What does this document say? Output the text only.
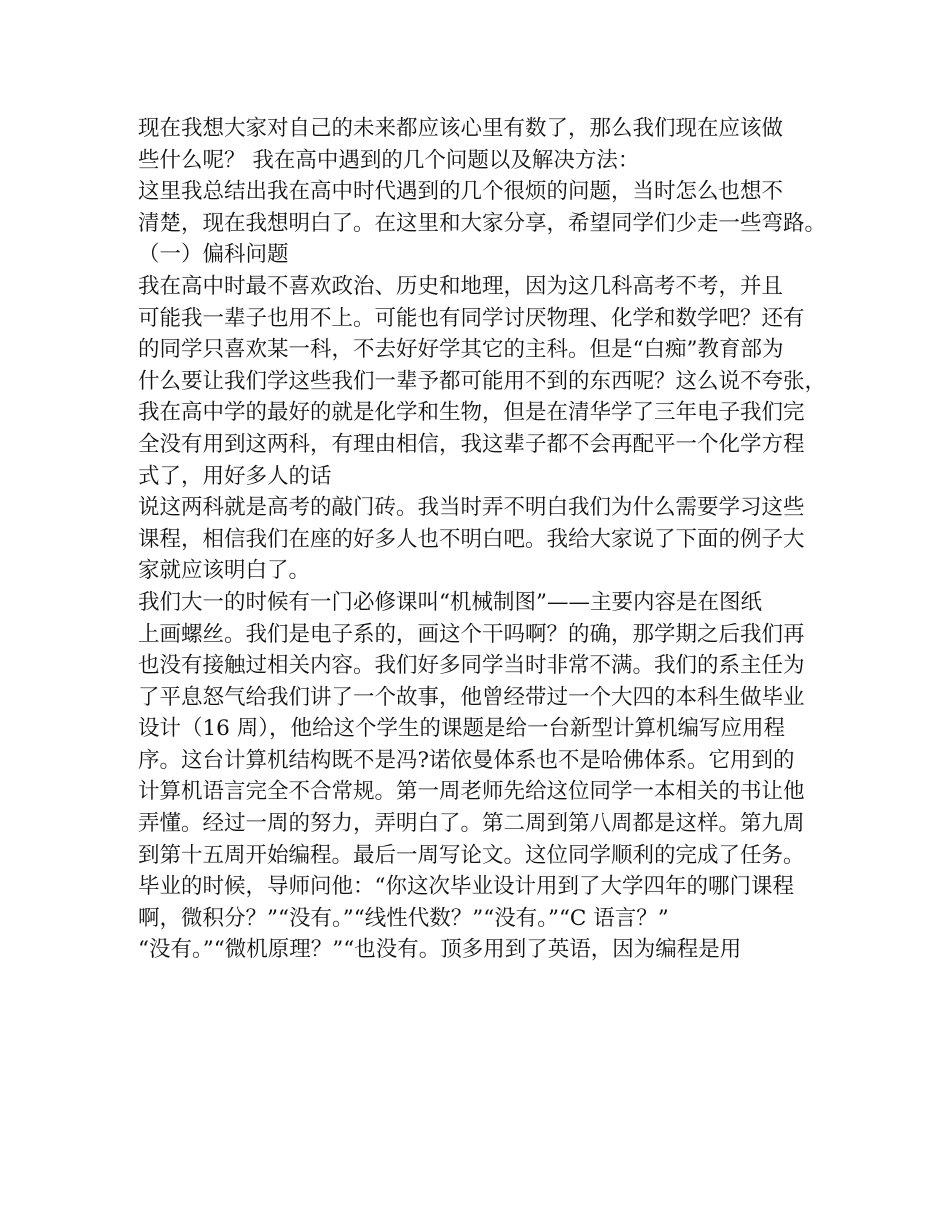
现在我想大家对自己的未来都应该心里有数了，那么我们现在应该做
些什么呢？ 我在高中遇到的几个问题以及解决方法：
这里我总结出我在高中时代遇到的几个很烦的问题，当时怎么也想不
清楚，现在我想明白了。在这里和大家分享，希望同学们少走一些弯路。
（一）偏科问题
我在高中时最不喜欢政治、历史和地理，因为这几科高考不考，并且
可能我一辈子也用不上。可能也有同学讨厌物理、化学和数学吧？还有
的同学只喜欢某一科，不去好好学其它的主科。但是“白痴”教育部为
什么要让我们学这些我们一辈予都可能用不到的东西呢？这么说不夸张，
我在高中学的最好的就是化学和生物，但是在清华学了三年电子我们完
全没有用到这两科，有理由相信，我这辈子都不会再配平一个化学方程
式了，用好多人的话
说这两科就是高考的敲门砖。我当时弄不明白我们为什么需要学习这些
课程，相信我们在座的好多人也不明白吧。我给大家说了下面的例子大
家就应该明白了。
我们大一的时候有一门必修课叫“机械制图”——主要内容是在图纸
上画螺丝。我们是电子系的，画这个干吗啊？的确，那学期之后我们再
也没有接触过相关内容。我们好多同学当时非常不满。我们的系主任为
了平息怒气给我们讲了一个故事，他曾经带过一个大四的本科生做毕业
设计（16 周），他给这个学生的课题是给一台新型计算机编写应用程
序。这台计算机结构既不是冯?诺依曼体系也不是哈佛体系。它用到的
计算机语言完全不合常规。第一周老师先给这位同学一本相关的书让他
弄懂。经过一周的努力，弄明白了。第二周到第八周都是这样。第九周
到第十五周开始编程。最后一周写论文。这位同学顺利的完成了任务。
毕业的时候，导师问他：“你这次毕业设计用到了大学四年的哪门课程
啊，微积分？”“没有。”“线性代数？”“没有。”“C 语言？”
“没有。”“微机原理？”“也没有。顶多用到了英语，因为编程是用
